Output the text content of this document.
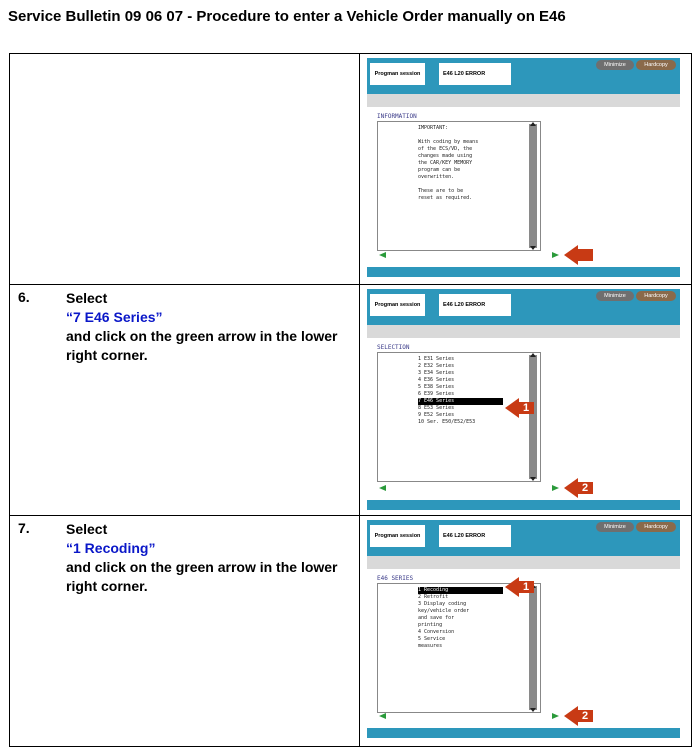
Service Bulletin 09 06 07 - Procedure to enter a Vehicle Order manually on E46
Progman session	E46 L20 ERROR
Minimize	Hardcopy
INFORMATION
IMPORTANT:

With coding by means
of the ECS/VD, the
changes made using
the CAR/KEY MEMORY
program can be
overwritten.

These are to be
reset as required.
6.	Select
“7 E46 Series”
and click on the green arrow in the lower right corner.
Progman session	E46 L20 ERROR
Minimize	Hardcopy
SELECTION
1 E31 Series
2 E32 Series
3 E34 Series
4 E36 Series
5 E38 Series
6 E39 Series
7 E46 Series
8 E53 Series
9 E52 Series
10 Ser. E50/E52/E53
1
2
7.	Select
“1 Recoding”
and click on the green arrow in the lower right corner.
Progman session	E46 L20 ERROR
Minimize	Hardcopy
E46 SERIES
1 Recoding
2 Retrofit
3 Display coding
key/vehicle order
and save for
printing
4 Conversion
5 Service
measures
1
2
